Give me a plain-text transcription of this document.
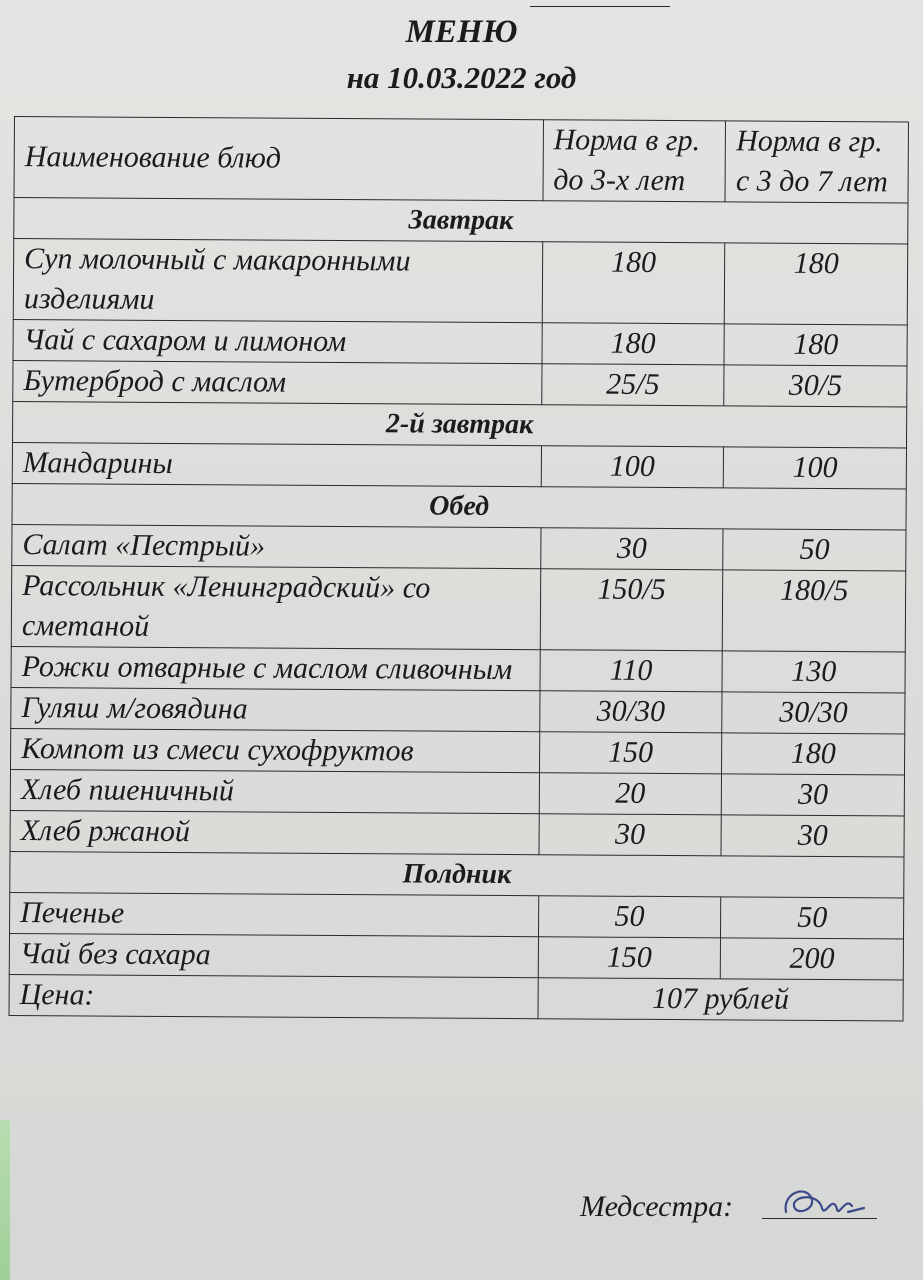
МЕНЮ
на 10.03.2022 год
Наименование блюд	Норма в гр. до 3-х лет	Норма в гр. с 3 до 7 лет
Завтрак		
Суп молочный с макаронными изделиями	180	180
Чай с сахаром и лимоном	180	180
Бутерброд с маслом	25/5	30/5
2-й завтрак		
Мандарины	100	100
Обед		
Салат «Пестрый»	30	50
Рассольник «Ленинградский» со сметаной	150/5	180/5
Рожки отварные с маслом сливочным	110	130
Гуляш м/говядина	30/30	30/30
Компот из смеси сухофруктов	150	180
Хлеб пшеничный	20	30
Хлеб ржаной	30	30
Полдник		
Печенье	50	50
Чай без сахара	150	200
Цена:	107 рублей	
Медсестра:
